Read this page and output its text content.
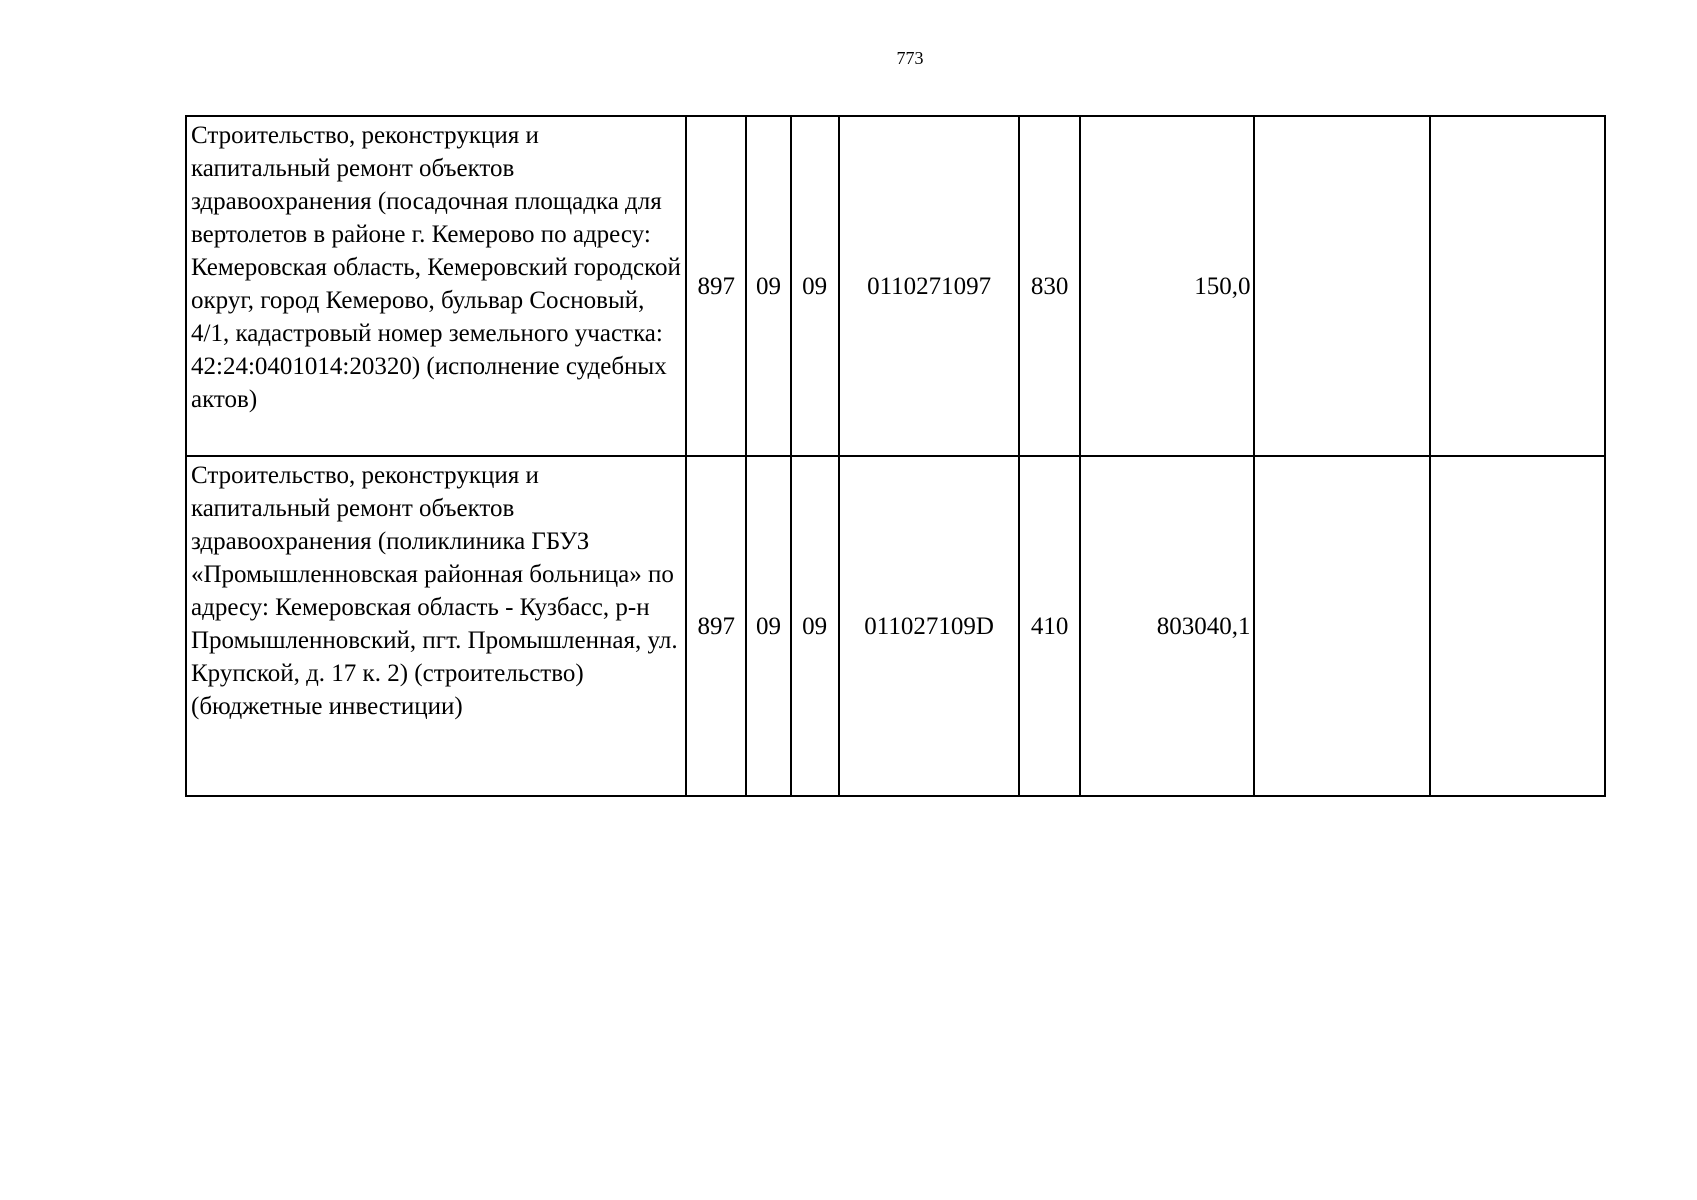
773
Строительство, реконструкция и капитальный ремонт объектов здравоохранения (посадочная площадка для вертолетов в районе г. Кемерово по адресу: Кемеровская область, Кемеровский городской округ, город Кемерово, бульвар Сосновый, 4/1, кадастровый номер земельного участка: 42:24:0401014:20320) (исполнение судебных актов)	897	09	09	0110271097	830	150,0		
Строительство, реконструкция и капитальный ремонт объектов здравоохранения (поликлиника ГБУЗ «Промышленновская районная больница» по адресу: Кемеровская область - Кузбасс, р-н Промышленновский, пгт. Промышленная, ул. Крупской, д. 17 к. 2) (строительство) (бюджетные инвестиции)	897	09	09	011027109D	410	803040,1		
